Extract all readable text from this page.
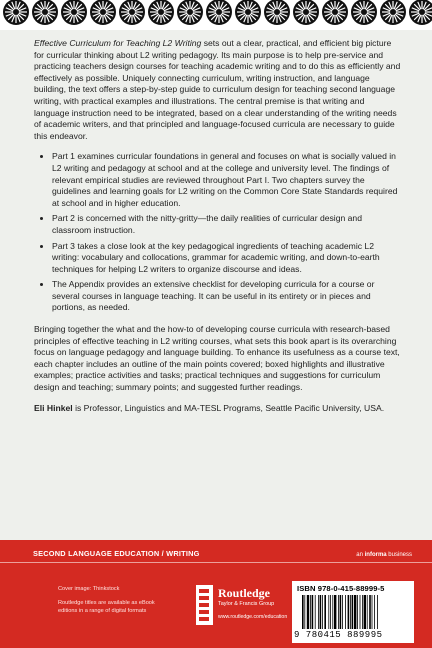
Effective Curriculum for Teaching L2 Writing sets out a clear, practical, and efficient big picture for curricular thinking about L2 writing pedagogy. Its main purpose is to help pre-service and practicing teachers design courses for teaching academic writing and to do this as efficiently and effectively as possible. Uniquely connecting curriculum, writing instruction, and language building, the text offers a step-by-step guide to curriculum design for teaching second language writing, with practical examples and illustrations. The central premise is that writing and language instruction need to be integrated, based on a clear understanding of the writing needs of academic writers, and that principled and language-focused curricula are necessary to guide this endeavor.

• Part 1 examines curricular foundations in general and focuses on what is socially valued in L2 writing and pedagogy at school and at the college and university level. The findings of relevant empirical studies are reviewed throughout Part I. Two chapters survey the guidelines and learning goals for L2 writing on the Common Core State Standards required at school and in higher education.
• Part 2 is concerned with the nitty-gritty—the daily realities of curricular design and classroom instruction.
• Part 3 takes a close look at the key pedagogical ingredients of teaching academic L2 writing: vocabulary and collocations, grammar for academic writing, and down-to-earth techniques for helping L2 writers to organize discourse and ideas.
• The Appendix provides an extensive checklist for developing curricula for a course or several courses in language teaching. It can be useful in its entirety or in pieces and portions, as needed.

Bringing together the what and the how-to of developing course curricula with research-based principles of effective teaching in L2 writing courses, what sets this book apart is its overarching focus on language pedagogy and language building. To enhance its usefulness as a course text, each chapter includes an outline of the main points covered; boxed highlights and illustrative examples; practice activities and tasks; practical techniques and suggestions for curriculum design and teaching; summary points; and suggested further readings.

Eli Hinkel is Professor, Linguistics and MA-TESL Programs, Seattle Pacific University, USA.

SECOND LANGUAGE EDUCATION / WRITING	an informa business
Cover image: Thinkstock
Routledge titles are available as eBook editions in a range of digital formats
Routledge
Taylor & Francis Group
www.routledge.com/education
ISBN 978-0-415-88999-5
9 780415 889995
